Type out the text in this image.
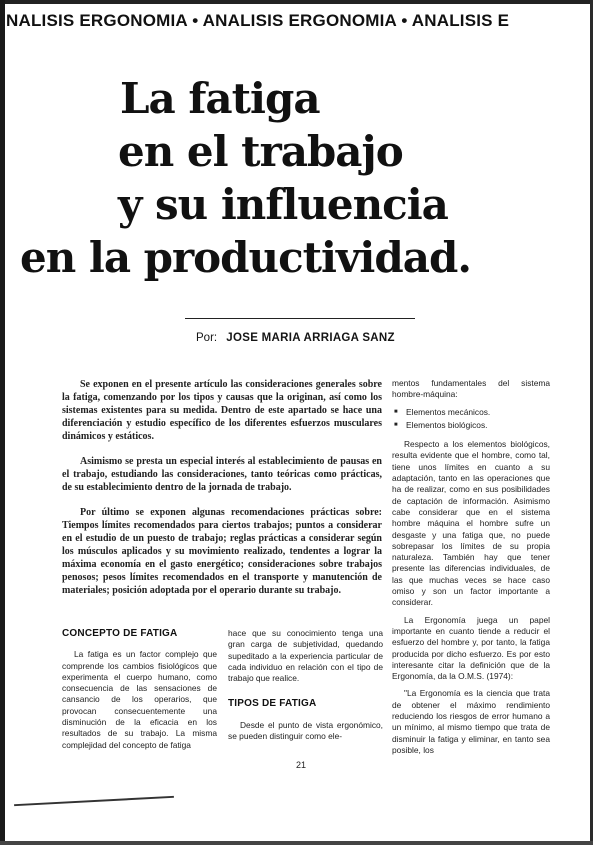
NALISIS ERGONOMIA • ANALISIS ERGONOMIA • ANALISIS E
La fatiga
en el trabajo
y su influencia
en la productividad.
Por: JOSE MARIA ARRIAGA SANZ

Se exponen en el presente artículo las consideraciones generales sobre la fatiga, comenzando por los tipos y causas que la originan, así como los sistemas existentes para su medida. Dentro de este apartado se hace una diferenciación y estudio específico de los diferentes esfuerzos musculares dinámicos y estáticos.

Asimismo se presta un especial interés al establecimiento de pausas en el trabajo, estudiando las consideraciones, tanto teóricas como prácticas, de su establecimiento dentro de la jornada de trabajo.

Por último se exponen algunas recomendaciones prácticas sobre: Tiempos límites recomendados para ciertos trabajos; puntos a considerar en el estudio de un puesto de trabajo; reglas prácticas a considerar según los músculos aplicados y su movimiento realizado, tendentes a lograr la máxima economía en el gasto energético; consideraciones sobre trabajos penosos; pesos límites recomendados en el transporte y manutención de materiales; posición adoptada por el operario durante su trabajo.

CONCEPTO DE FATIGA

La fatiga es un factor complejo que comprende los cambios fisiológicos que experimenta el cuerpo humano, como consecuencia de las sensaciones de cansancio de los operarios, que provocan consecuentemente una disminución de la eficacia en los resultados de su trabajo. La misma complejidad del concepto de fatiga

hace que su conocimiento tenga una gran carga de subjetividad, quedando supeditado a la experiencia particular de cada individuo en relación con el tipo de trabajo que realice.

TIPOS DE FATIGA

Desde el punto de vista ergonómico, se pueden distinguir como ele-

mentos fundamentales del sistema hombre-máquina:

■ Elementos mecánicos.
■ Elementos biológicos.

Respecto a los elementos biológicos, resulta evidente que el hombre, como tal, tiene unos límites en cuanto a su adaptación, tanto en las operaciones que ha de realizar, como en sus posibilidades de captación de información. Asimismo cabe considerar que en el sistema hombre máquina el hombre sufre un desgaste y una fatiga que, no puede sobrepasar los límites de su propia naturaleza. También hay que tener presente las diferencias individuales, de las que muchas veces se hace caso omiso y son un factor importante a considerar.

La Ergonomía juega un papel importante en cuanto tiende a reducir el esfuerzo del hombre y, por tanto, la fatiga producida por dicho esfuerzo. Es por esto interesante citar la definición que de la Ergonomía, da la O.M.S. (1974):

"La Ergonomía es la ciencia que trata de obtener el máximo rendimiento reduciendo los riesgos de error humano a un mínimo, al mismo tiempo que trata de disminuir la fatiga y eliminar, en tanto sea posible, los

21
